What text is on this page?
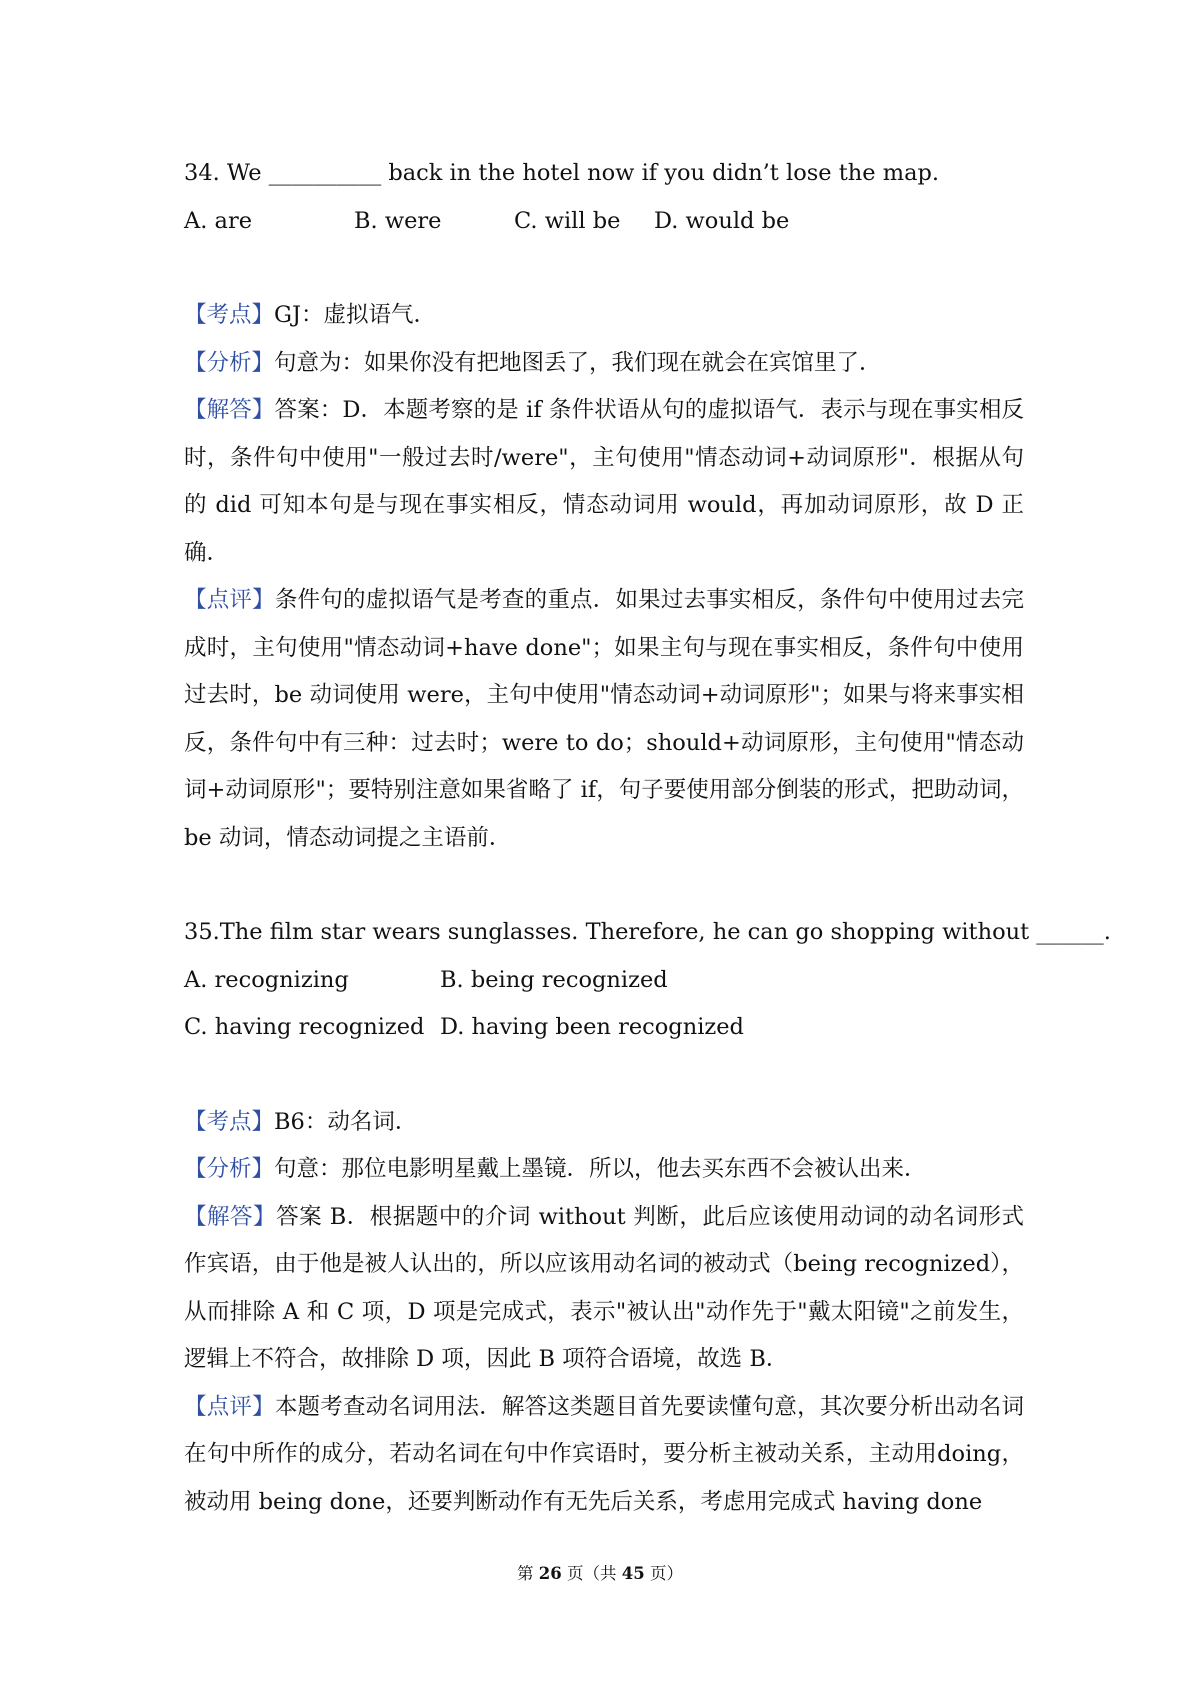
34. We __________ back in the hotel now if you didn’t lose the map.
A. are	B. were	C. will be	D. would be
【考点】GJ：虚拟语气．
【分析】句意为：如果你没有把地图丢了，我们现在就会在宾馆里了．
【解答】答案：D．本题考察的是 if 条件状语从句的虚拟语气．表示与现在事实相反时，条件句中使用"一般过去时/were"，主句使用"情态动词+动词原形"．根据从句的 did 可知本句是与现在事实相反，情态动词用 would，再加动词原形，故 D 正确．
【点评】条件句的虚拟语气是考查的重点．如果过去事实相反，条件句中使用过去完成时，主句使用"情态动词+have done"；如果主句与现在事实相反，条件句中使用过去时，be 动词使用 were，主句中使用"情态动词+动词原形"；如果与将来事实相反，条件句中有三种：过去时；were to do；should+动词原形，主句使用"情态动词+动词原形"；要特别注意如果省略了 if，句子要使用部分倒装的形式，把助动词，be 动词，情态动词提之主语前．
35.The film star wears sunglasses. Therefore, he can go shopping without ______.
A. recognizing	B. being recognized
C. having recognized D. having been recognized
【考点】B6：动名词．
【分析】句意：那位电影明星戴上墨镜．所以，他去买东西不会被认出来．
【解答】答案 B．根据题中的介词 without 判断，此后应该使用动词的动名词形式作宾语，由于他是被人认出的，所以应该用动名词的被动式（being recognized），从而排除 A 和 C 项，D 项是完成式，表示"被认出"动作先于"戴太阳镜"之前发生，逻辑上不符合，故排除 D 项，因此 B 项符合语境，故选 B．
【点评】本题考查动名词用法．解答这类题目首先要读懂句意，其次要分析出动名词在句中所作的成分，若动名词在句中作宾语时，要分析主被动关系，主动用doing，被动用 being done，还要判断动作有无先后关系，考虑用完成式 having done
第 26 页（共 45 页）
